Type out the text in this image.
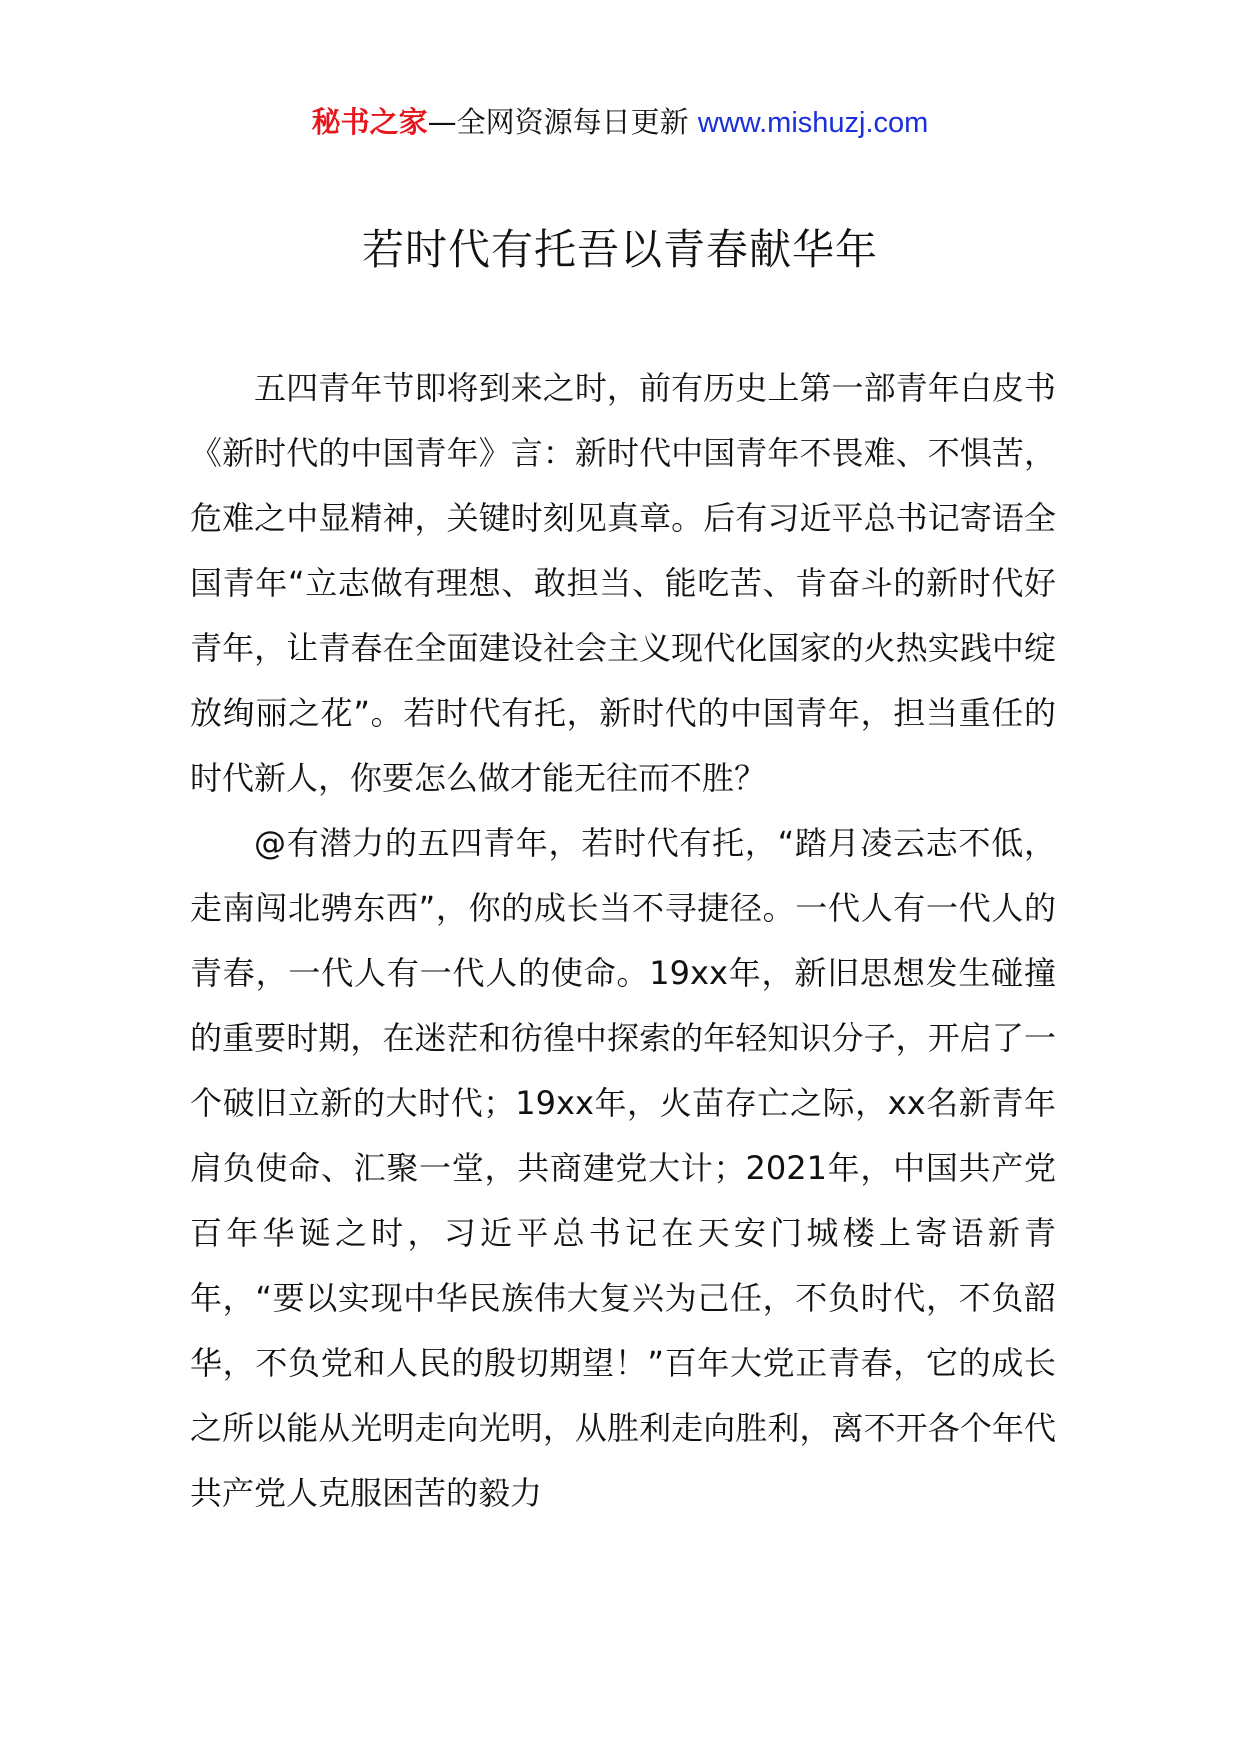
秘书之家—全网资源每日更新 www.mishuzj.com
若时代有托吾以青春献华年

五四青年节即将到来之时，前有历史上第一部青年白皮书《新时代的中国青年》言：新时代中国青年不畏难、不惧苦，危难之中显精神，关键时刻见真章。后有习近平总书记寄语全国青年“立志做有理想、敢担当、能吃苦、肯奋斗的新时代好青年，让青春在全面建设社会主义现代化国家的火热实践中绽放绚丽之花”。若时代有托，新时代的中国青年，担当重任的时代新人，你要怎么做才能无往而不胜？

@有潜力的五四青年，若时代有托，“踏月凌云志不低，走南闯北骋东西”，你的成长当不寻捷径。一代人有一代人的青春，一代人有一代人的使命。19xx年，新旧思想发生碰撞的重要时期，在迷茫和彷徨中探索的年轻知识分子，开启了一个破旧立新的大时代；19xx年，火苗存亡之际，xx名新青年肩负使命、汇聚一堂，共商建党大计；2021年，中国共产党百年华诞之时，习近平总书记在天安门城楼上寄语新青年，“要以实现中华民族伟大复兴为己任，不负时代，不负韶华，不负党和人民的殷切期望！”百年大党正青春，它的成长之所以能从光明走向光明，从胜利走向胜利，离不开各个年代共产党人克服困苦的毅力
